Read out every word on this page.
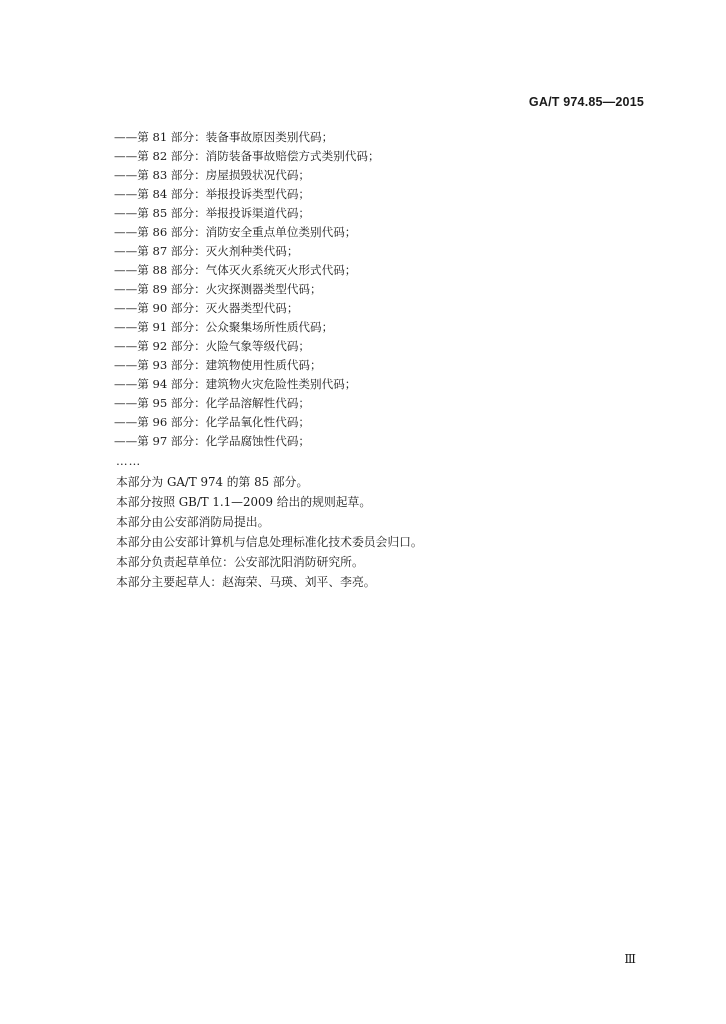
GA/T 974.85—2015
——第 81 部分：装备事故原因类别代码；
——第 82 部分：消防装备事故赔偿方式类别代码；
——第 83 部分：房屋损毁状况代码；
——第 84 部分：举报投诉类型代码；
——第 85 部分：举报投诉渠道代码；
——第 86 部分：消防安全重点单位类别代码；
——第 87 部分：灭火剂种类代码；
——第 88 部分：气体灭火系统灭火形式代码；
——第 89 部分：火灾探测器类型代码；
——第 90 部分：灭火器类型代码；
——第 91 部分：公众聚集场所性质代码；
——第 92 部分：火险气象等级代码；
——第 93 部分：建筑物使用性质代码；
——第 94 部分：建筑物火灾危险性类别代码；
——第 95 部分：化学品溶解性代码；
——第 96 部分：化学品氧化性代码；
——第 97 部分：化学品腐蚀性代码；
……

本部分为 GA/T 974 的第 85 部分。

本部分按照 GB/T 1.1—2009 给出的规则起草。

本部分由公安部消防局提出。

本部分由公安部计算机与信息处理标准化技术委员会归口。

本部分负责起草单位：公安部沈阳消防研究所。

本部分主要起草人：赵海荣、马瑛、刘平、李亮。

Ⅲ
